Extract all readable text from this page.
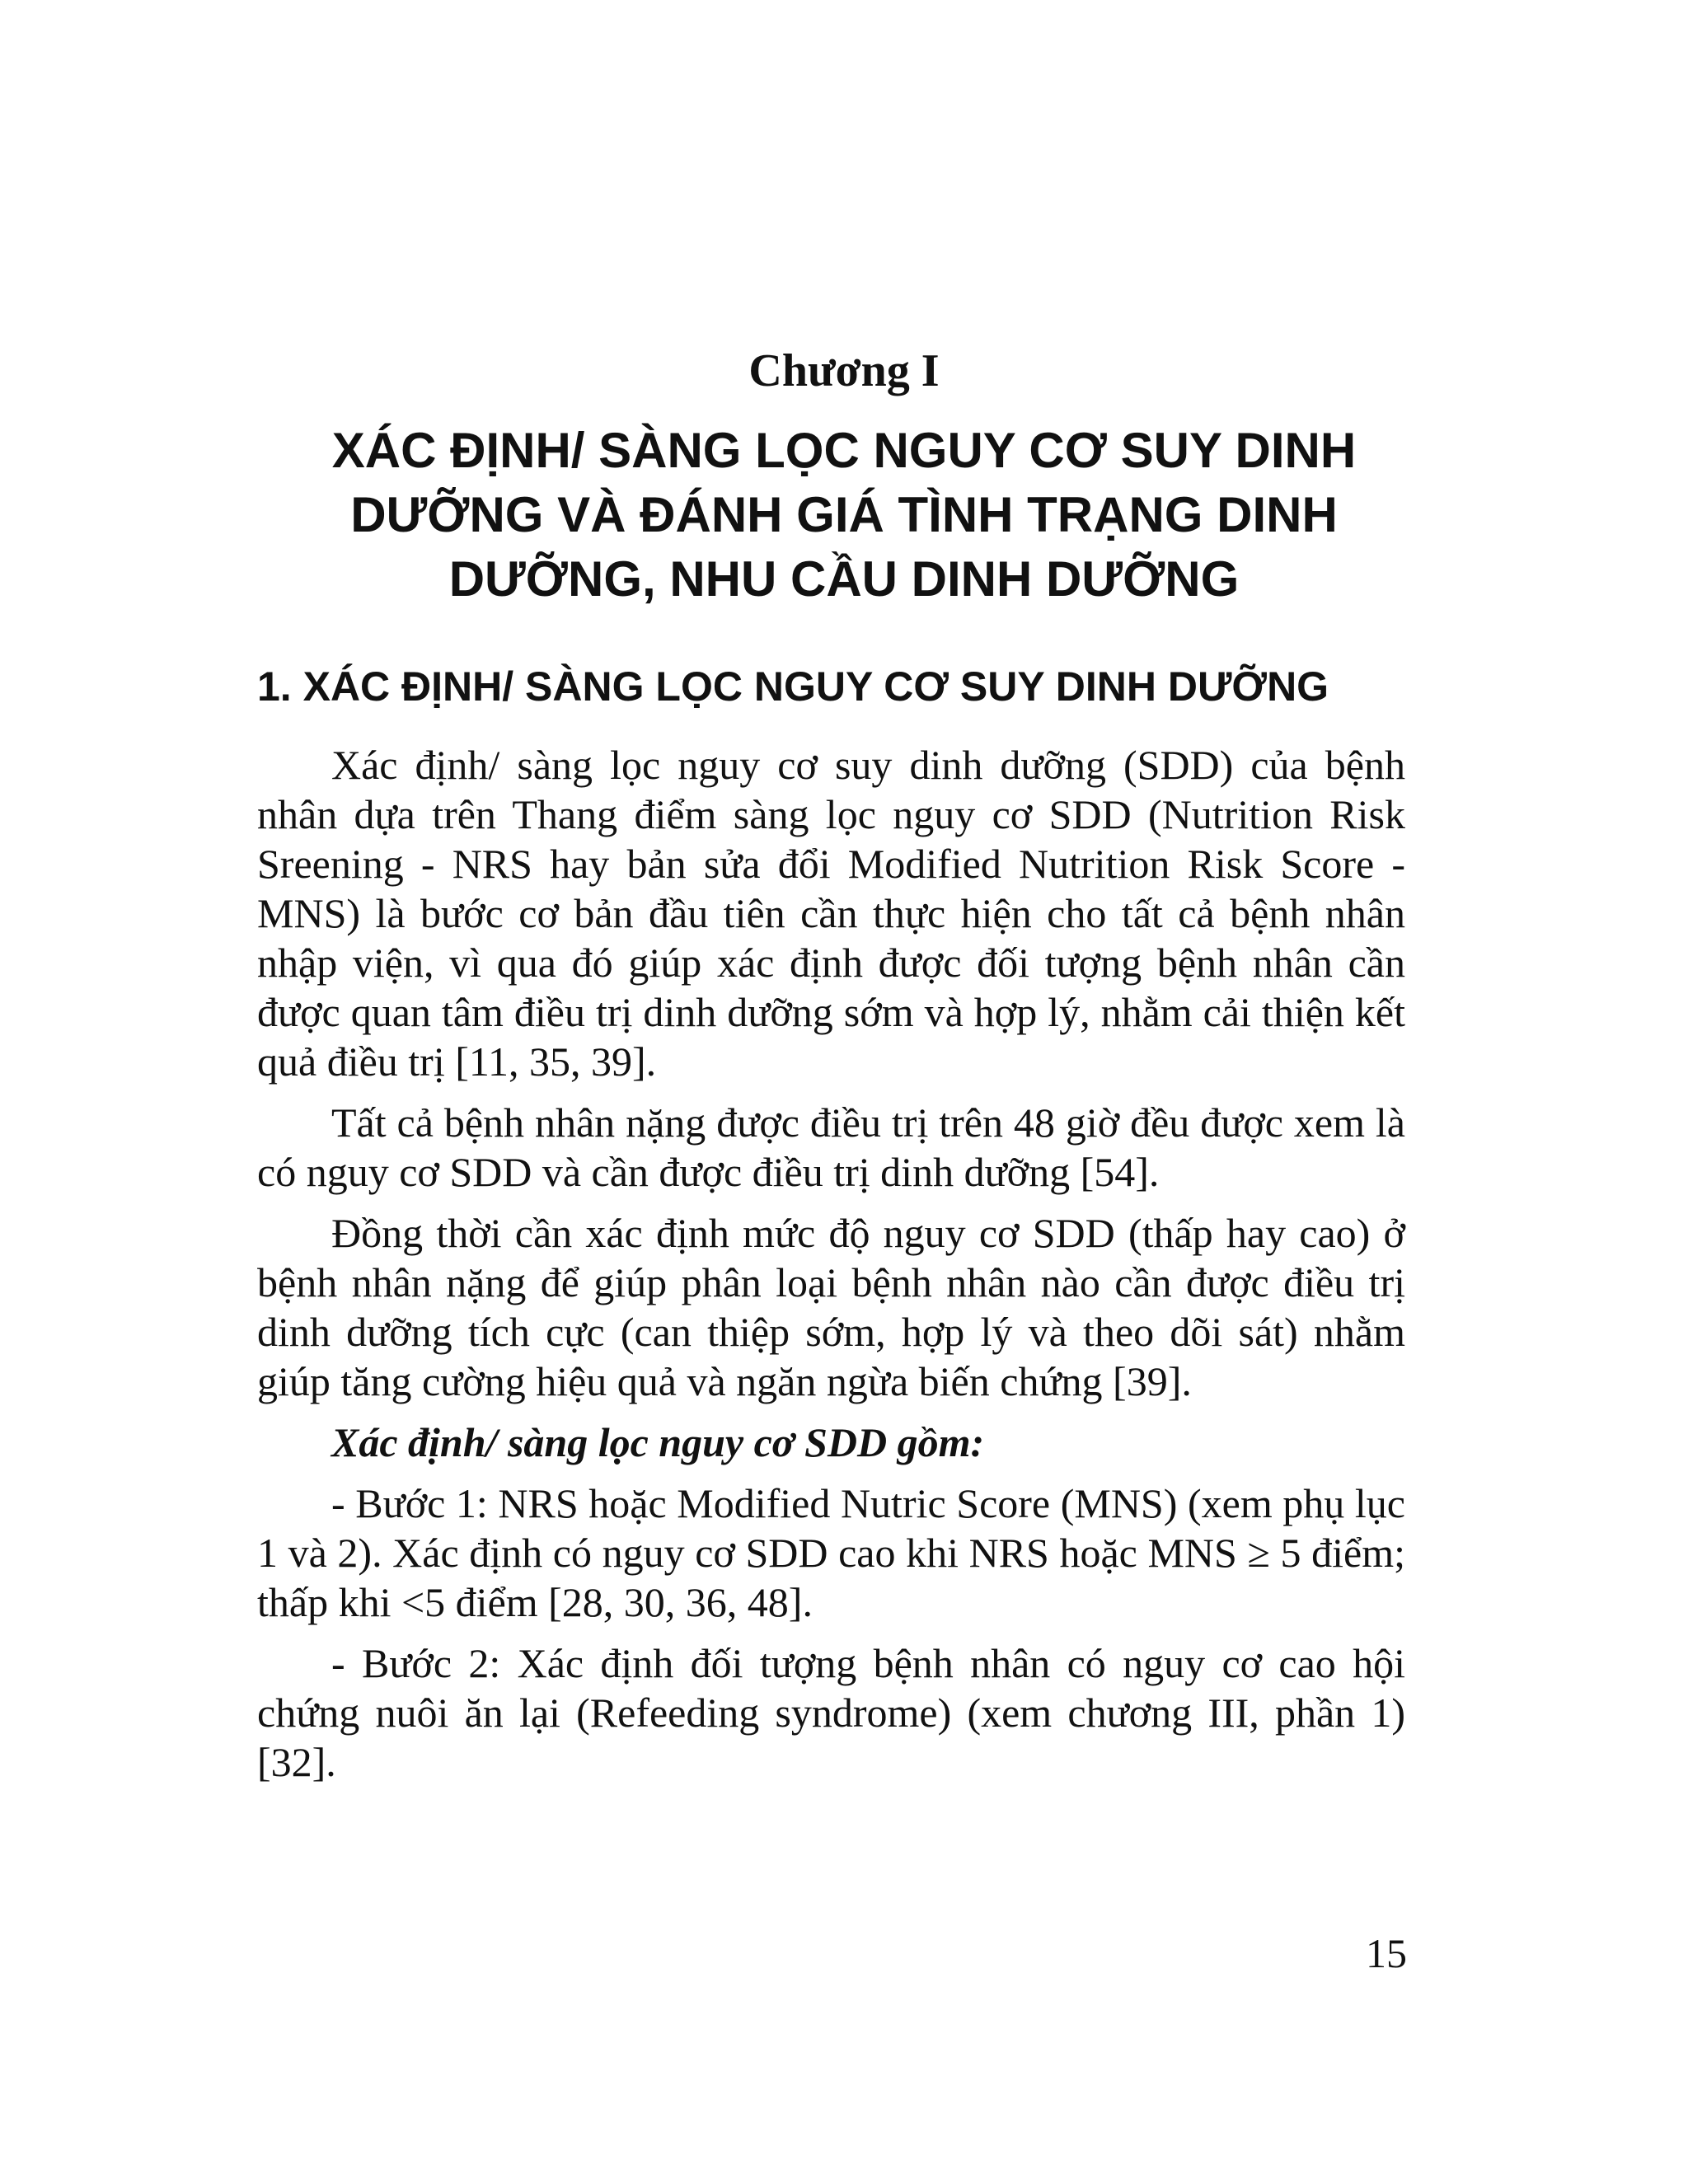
Chương I
XÁC ĐỊNH/ SÀNG LỌC NGUY CƠ SUY DINH DƯỠNG VÀ ĐÁNH GIÁ TÌNH TRẠNG DINH DƯỠNG, NHU CẦU DINH DƯỠNG
1. XÁC ĐỊNH/ SÀNG LỌC NGUY CƠ SUY DINH DƯỠNG

Xác định/ sàng lọc nguy cơ suy dinh dưỡng (SDD) của bệnh nhân dựa trên Thang điểm sàng lọc nguy cơ SDD (Nutrition Risk Sreening - NRS hay bản sửa đổi Modified Nutrition Risk Score - MNS) là bước cơ bản đầu tiên cần thực hiện cho tất cả bệnh nhân nhập viện, vì qua đó giúp xác định được đối tượng bệnh nhân cần được quan tâm điều trị dinh dưỡng sớm và hợp lý, nhằm cải thiện kết quả điều trị [11, 35, 39].

Tất cả bệnh nhân nặng được điều trị trên 48 giờ đều được xem là có nguy cơ SDD và cần được điều trị dinh dưỡng [54].

Đồng thời cần xác định mức độ nguy cơ SDD (thấp hay cao) ở bệnh nhân nặng để giúp phân loại bệnh nhân nào cần được điều trị dinh dưỡng tích cực (can thiệp sớm, hợp lý và theo dõi sát) nhằm giúp tăng cường hiệu quả và ngăn ngừa biến chứng [39].

Xác định/ sàng lọc nguy cơ SDD gồm:

- Bước 1: NRS hoặc Modified Nutric Score (MNS) (xem phụ lục 1 và 2). Xác định có nguy cơ SDD cao khi NRS hoặc MNS ≥ 5 điểm; thấp khi <5 điểm [28, 30, 36, 48].

- Bước 2: Xác định đối tượng bệnh nhân có nguy cơ cao hội chứng nuôi ăn lại (Refeeding syndrome) (xem chương III, phần 1) [32].

15
